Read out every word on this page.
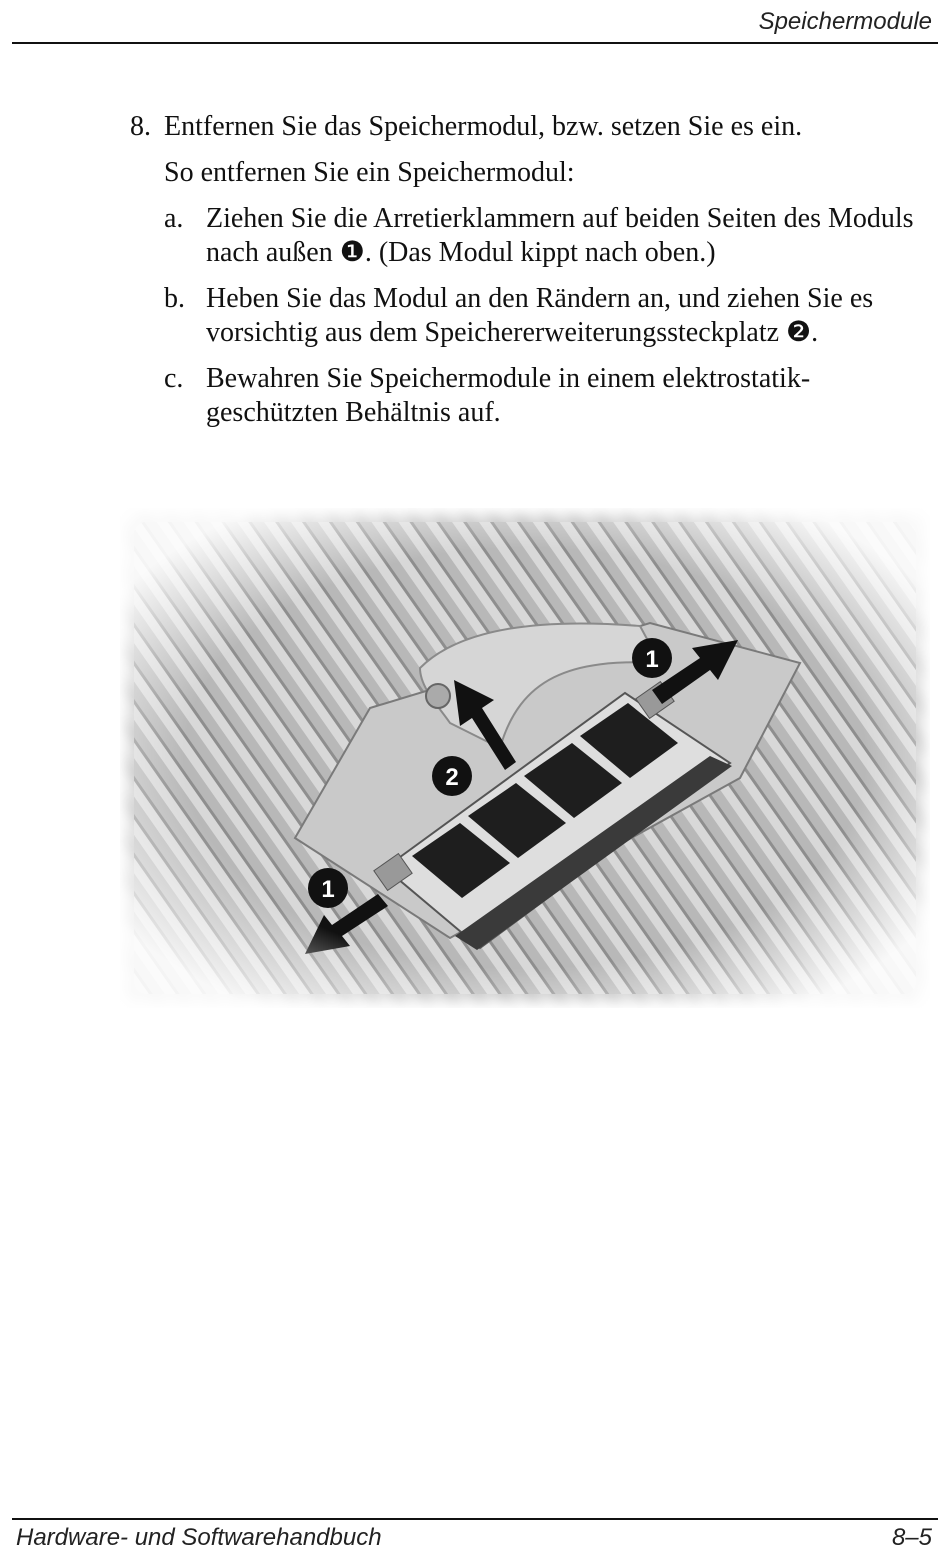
Speichermodule
8. Entfernen Sie das Speichermodul, bzw. setzen Sie es ein.
So entfernen Sie ein Speichermodul:
a. Ziehen Sie die Arretierklammern auf beiden Seiten des Moduls nach außen ❶. (Das Modul kippt nach oben.)
b. Heben Sie das Modul an den Rändern an, und ziehen Sie es vorsichtig aus dem Speichererweiterungssteckplatz ❷.
c. Bewahren Sie Speichermodule in einem elektrostatik-geschützten Behältnis auf.
Hardware- und Softwarehandbuch	8–5
